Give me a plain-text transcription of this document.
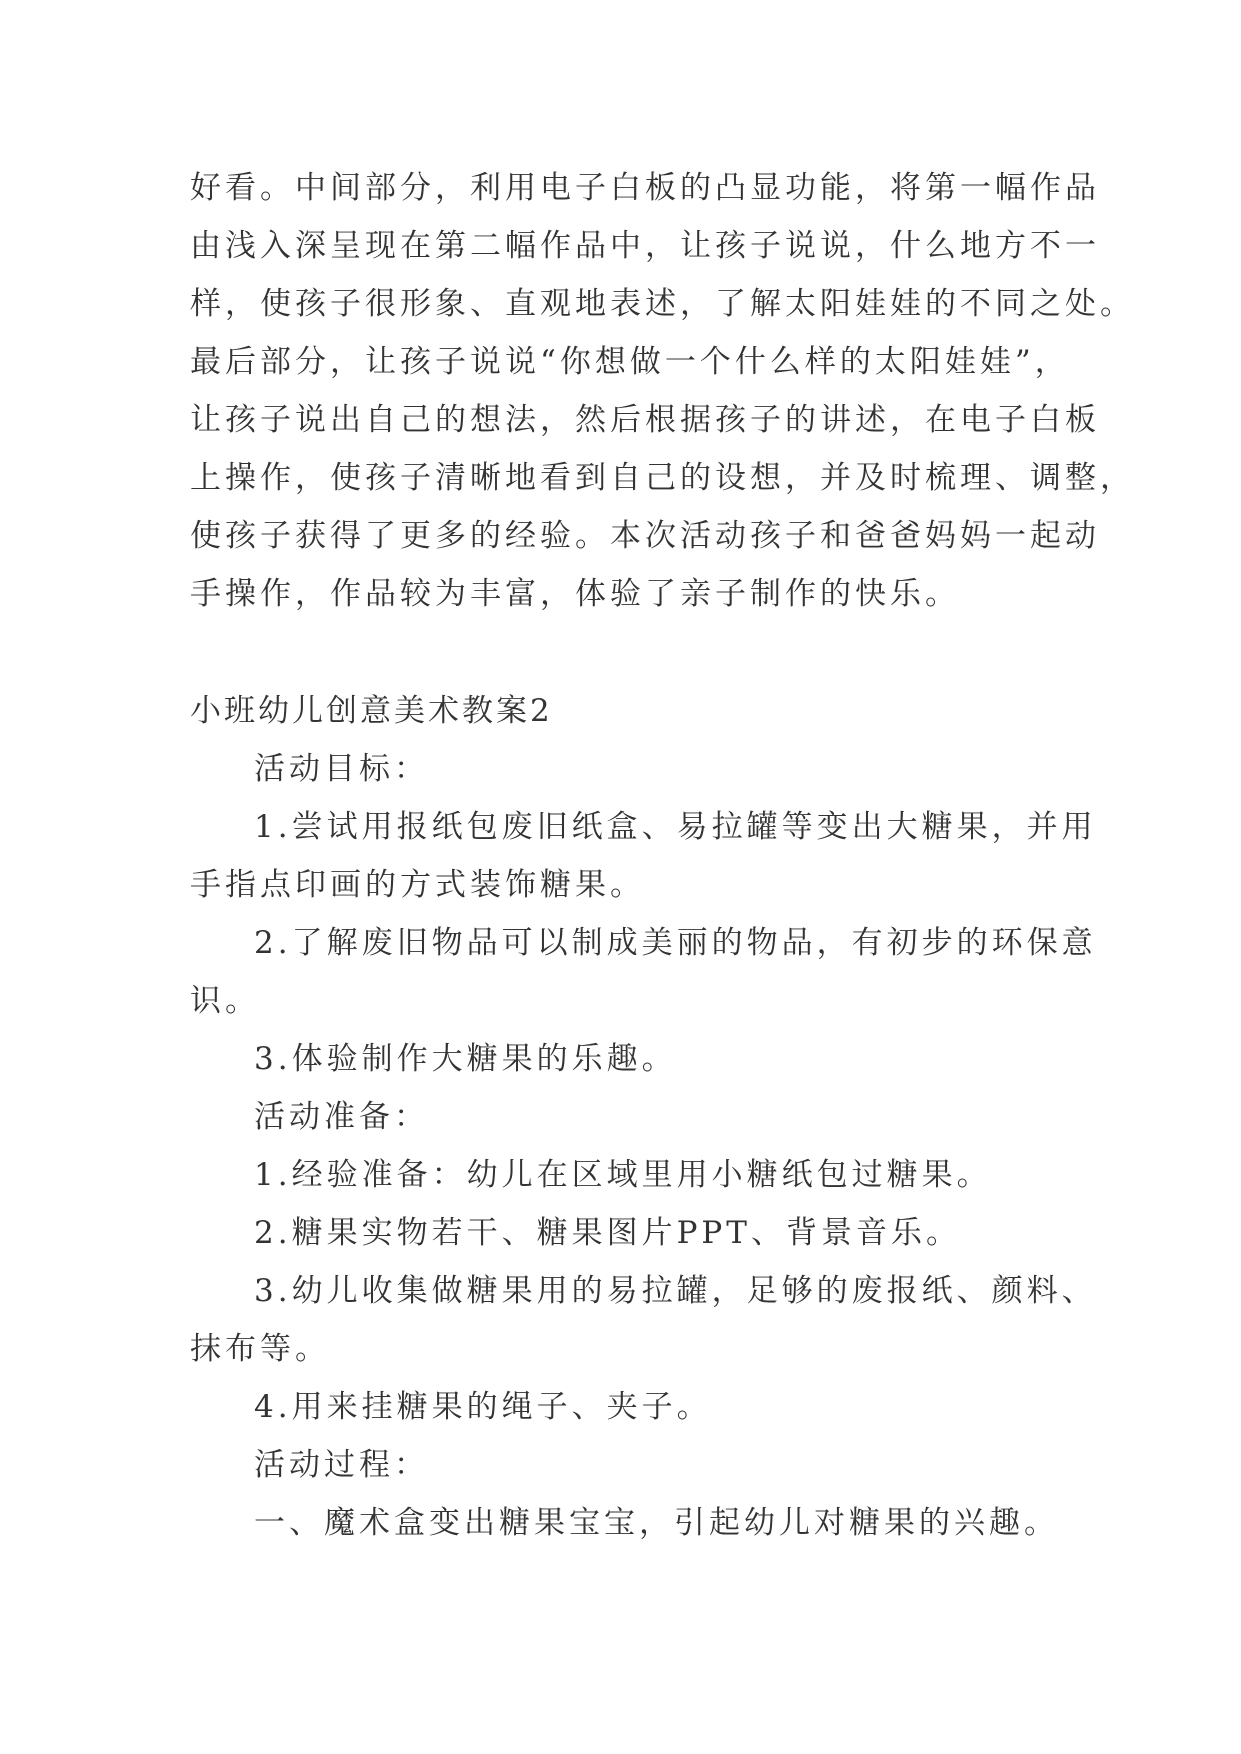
好看。中间部分，利用电子白板的凸显功能，将第一幅作品
由浅入深呈现在第二幅作品中，让孩子说说，什么地方不一
样，使孩子很形象、直观地表述，了解太阳娃娃的不同之处。
最后部分，让孩子说说“你想做一个什么样的太阳娃娃”，
让孩子说出自己的想法，然后根据孩子的讲述，在电子白板
上操作，使孩子清晰地看到自己的设想，并及时梳理、调整，
使孩子获得了更多的经验。本次活动孩子和爸爸妈妈一起动
手操作，作品较为丰富，体验了亲子制作的快乐。
小班幼儿创意美术教案2
活动目标：
1.尝试用报纸包废旧纸盒、易拉罐等变出大糖果，并用
手指点印画的方式装饰糖果。
2.了解废旧物品可以制成美丽的物品，有初步的环保意
识。
3.体验制作大糖果的乐趣。
活动准备：
1.经验准备：幼儿在区域里用小糖纸包过糖果。
2.糖果实物若干、糖果图片PPT、背景音乐。
3.幼儿收集做糖果用的易拉罐，足够的废报纸、颜料、
抹布等。
4.用来挂糖果的绳子、夹子。
活动过程：
一、魔术盒变出糖果宝宝，引起幼儿对糖果的兴趣。
